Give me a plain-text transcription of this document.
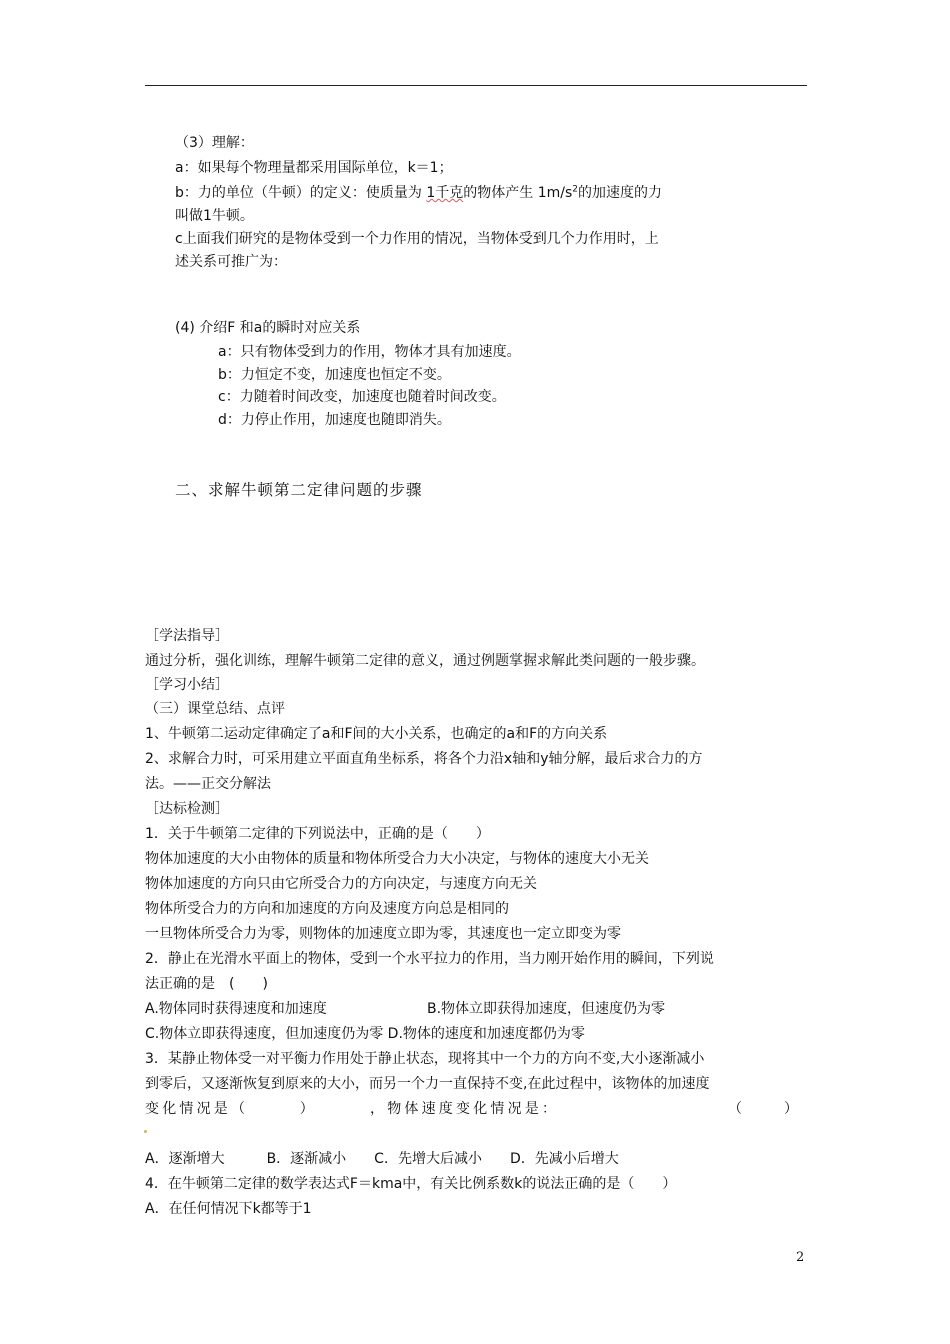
（3）理解：
a：如果每个物理量都采用国际单位，k＝1；
b：力的单位（牛顿）的定义：使质量为 1千克的物体产生 $1m/s^2$的加速度的力
叫做1牛顿。
c上面我们研究的是物体受到一个力作用的情况，当物体受到几个力作用时，上
述关系可推广为：
(4) 介绍F 和a的瞬时对应关系
a：只有物体受到力的作用，物体才具有加速度。
b：力恒定不变，加速度也恒定不变。
c：力随着时间改变，加速度也随着时间改变。
d：力停止作用，加速度也随即消失。
二、求解牛顿第二定律问题的步骤
［学法指导］
通过分析，强化训练，理解牛顿第二定律的意义，通过例题掌握求解此类问题的一般步骤。
［学习小结］
（三）课堂总结、点评
1、牛顿第二运动定律确定了a和F间的大小关系，也确定的a和F的方向关系
2、求解合力时，可采用建立平面直角坐标系，将各个力沿x轴和y轴分解，最后求合力的方
法。——正交分解法
［达标检测］
1．关于牛顿第二定律的下列说法中，正确的是（　　）
物体加速度的大小由物体的质量和物体所受合力大小决定，与物体的速度大小无关
物体加速度的方向只由它所受合力的方向决定，与速度方向无关
物体所受合力的方向和加速度的方向及速度方向总是相同的
一旦物体所受合力为零，则物体的加速度立即为零，其速度也一定立即变为零
2．静止在光滑水平面上的物体，受到一个水平拉力的作用，当力刚开始作用的瞬间，下列说
法正确的是　(　　)
A.物体同时获得速度和加速度	B.物体立即获得加速度，但速度仍为零
C.物体立即获得速度，但加速度仍为零 D.物体的速度和加速度都仍为零
3．某静止物体受一对平衡力作用处于静止状态，现将其中一个力的方向不变,大小逐渐减小
到零后，又逐渐恢复到原来的大小，而另一个力一直保持不变,在此过程中，该物体的加速度
变化情况是（　　　）	，物体速度变化情况是：	（　　　）
A．逐渐增大　　　B．逐渐减小　　C．先增大后减小　　D．先减小后增大
4．在牛顿第二定律的数学表达式F＝kma中，有关比例系数k的说法正确的是（　　）
A．在任何情况下k都等于1
2
